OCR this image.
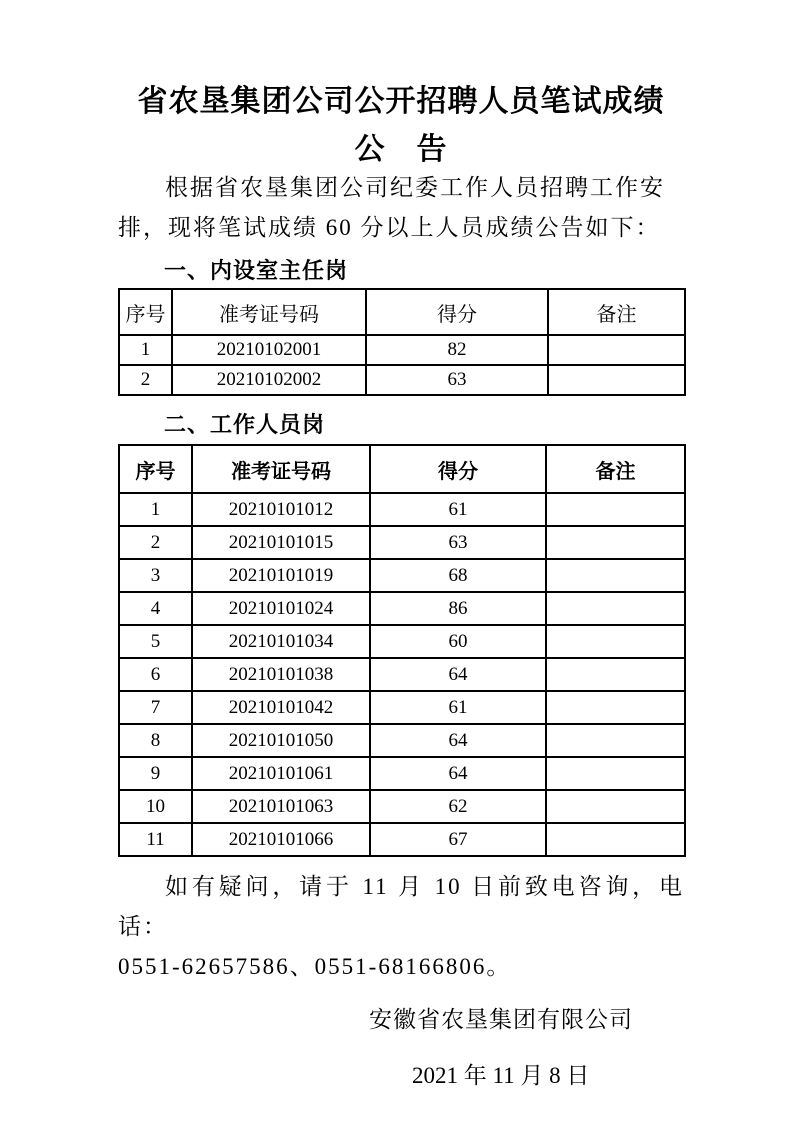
省农垦集团公司公开招聘人员笔试成绩
公　告

根据省农垦集团公司纪委工作人员招聘工作安
排，现将笔试成绩 60 分以上人员成绩公告如下：

一、内设室主任岗
序号	准考证号码	得分	备注
1	20210102001	82	
2	20210102002	63	
二、工作人员岗
序号	准考证号码	得分	备注
1	20210101012	61	
2	20210101015	63	
3	20210101019	68	
4	20210101024	86	
5	20210101034	60	
6	20210101038	64	
7	20210101042	61	
8	20210101050	64	
9	20210101061	64	
10	20210101063	62	
11	20210101066	67	

如有疑问，请于 11 月 10 日前致电咨询，电话：
0551-62657586、0551-68166806。

安徽省农垦集团有限公司
2021 年 11 月 8 日
